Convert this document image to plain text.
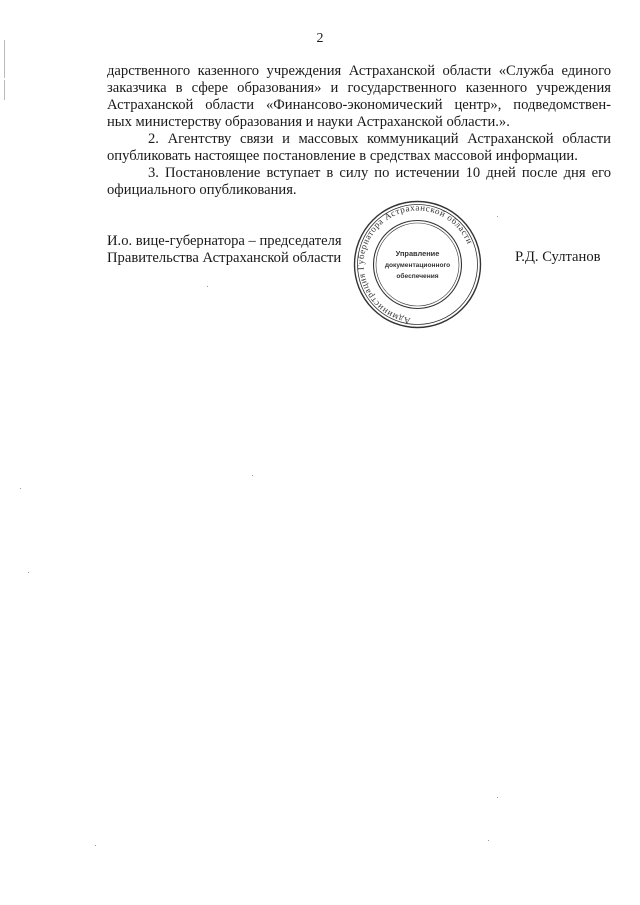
2
дарственного казенного учреждения Астраханской области «Служба единого
заказчика в сфере образования» и государственного казенного учреждения
Астраханской области «Финансово-экономический центр», подведомствен-
ных министерству образования и науки Астраханской области.».
2. Агентству связи и массовых коммуникаций Астраханской области
опубликовать настоящее постановление в средствах массовой информации.
3. Постановление вступает в силу по истечении 10 дней после дня его
официального опубликования.
И.о. вице-губернатора – председателя
Правительства Астраханской области	Р.Д. Султанов
Администрация Губернатора Астраханской области
Управление
документационного
обеспечения
